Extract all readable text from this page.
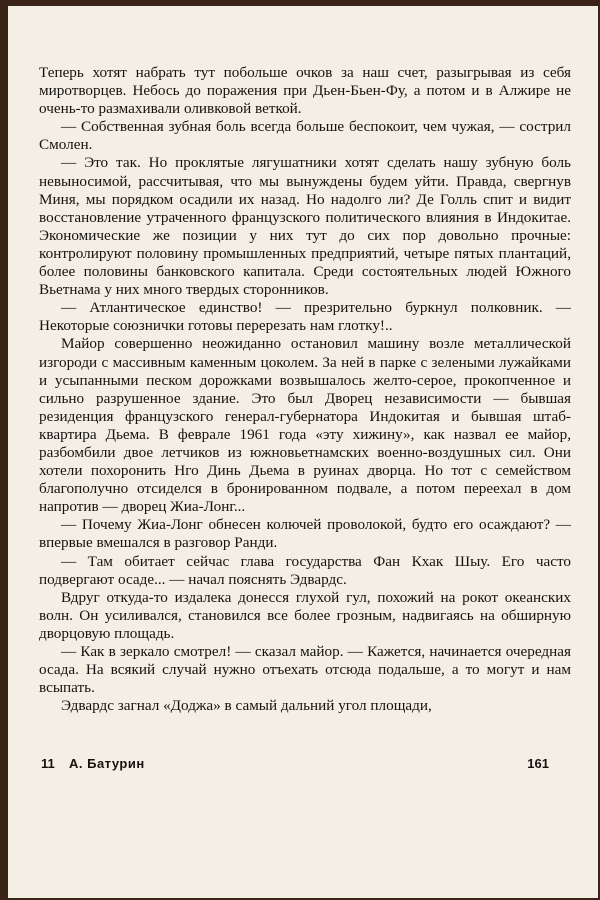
Теперь хотят набрать тут побольше очков за наш счет, разыгрывая из себя миротворцев. Небось до поражения при Дьен-Бьен-Фу, а потом и в Алжире не очень-то размахивали оливковой веткой.

— Собственная зубная боль всегда больше беспокоит, чем чужая, — сострил Смолен.

— Это так. Но проклятые лягушатники хотят сделать нашу зубную боль невыносимой, рассчитывая, что мы вынуждены будем уйти. Правда, свергнув Миня, мы порядком осадили их назад. Но надолго ли? Де Голль спит и видит восстановление утраченного французского политического влияния в Индокитае. Экономические же позиции у них тут до сих пор довольно прочные: контролируют половину промышленных предприятий, четыре пятых плантаций, более половины банковского капитала. Среди состоятельных людей Южного Вьетнама у них много твердых сторонников.

— Атлантическое единство! — презрительно буркнул полковник. — Некоторые союзнички готовы перерезать нам глотку!..

Майор совершенно неожиданно остановил машину возле металлической изгороди с массивным каменным цоколем. За ней в парке с зелеными лужайками и усыпанными песком дорожками возвышалось желто-серое, прокопченное и сильно разрушенное здание. Это был Дворец независимости — бывшая резиденция французского генерал-губернатора Индокитая и бывшая штаб-квартира Дьема. В феврале 1961 года «эту хижину», как назвал ее майор, разбомбили двое летчиков из южновьетнамских военно-воздушных сил. Они хотели похоронить Нго Динь Дьема в руинах дворца. Но тот с семейством благополучно отсиделся в бронированном подвале, а потом переехал в дом напротив — дворец Жиа-Лонг...

— Почему Жиа-Лонг обнесен колючей проволокой, будто его осаждают? — впервые вмешался в разговор Ранди.

— Там обитает сейчас глава государства Фан Кхак Шыу. Его часто подвергают осаде... — начал пояснять Эдвардс.

Вдруг откуда-то издалека донесся глухой гул, похожий на рокот океанских волн. Он усиливался, становился все более грозным, надвигаясь на обширную дворцовую площадь.

— Как в зеркало смотрел! — сказал майор. — Кажется, начинается очередная осада. На всякий случай нужно отъехать отсюда подальше, а то могут и нам всыпать.

Эдвардс загнал «Доджа» в самый дальний угол площади,

11 А. Батурин	161
